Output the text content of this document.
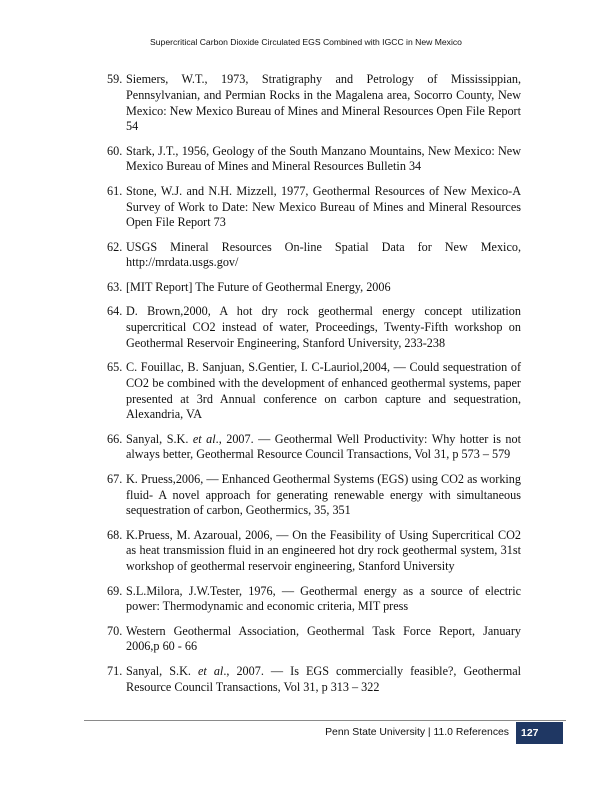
Supercritical Carbon Dioxide Circulated EGS Combined with IGCC in New Mexico
59. Siemers, W.T., 1973, Stratigraphy and Petrology of Mississippian, Pennsylvanian, and Permian Rocks in the Magalena area, Socorro County, New Mexico: New Mexico Bureau of Mines and Mineral Resources Open File Report 54
60. Stark, J.T., 1956, Geology of the South Manzano Mountains, New Mexico: New Mexico Bureau of Mines and Mineral Resources Bulletin 34
61. Stone, W.J. and N.H. Mizzell, 1977, Geothermal Resources of New Mexico-A Survey of Work to Date: New Mexico Bureau of Mines and Mineral Resources Open File Report 73
62. USGS Mineral Resources On-line Spatial Data for New Mexico, http://mrdata.usgs.gov/
63. [MIT Report] The Future of Geothermal Energy, 2006
64. D. Brown,2000, A hot dry rock geothermal energy concept utilization supercritical CO2 instead of water, Proceedings, Twenty-Fifth workshop on Geothermal Reservoir Engineering, Stanford University, 233-238
65. C. Fouillac, B. Sanjuan, S.Gentier, I. C-Lauriol,2004, — Could sequestration of CO2 be combined with the development of enhanced geothermal systems, paper presented at 3rd Annual conference on carbon capture and sequestration, Alexandria, VA
66. Sanyal, S.K. et al., 2007. — Geothermal Well Productivity: Why hotter is not always better, Geothermal Resource Council Transactions, Vol 31, p 573 – 579
67. K. Pruess,2006, — Enhanced Geothermal Systems (EGS) using CO2 as working fluid- A novel approach for generating renewable energy with simultaneous sequestration of carbon, Geothermics, 35, 351
68. K.Pruess, M. Azaroual, 2006, — On the Feasibility of Using Supercritical CO2 as heat transmission fluid in an engineered hot dry rock geothermal system, 31st workshop of geothermal reservoir engineering, Stanford University
69. S.L.Milora, J.W.Tester, 1976, — Geothermal energy as a source of electric power: Thermodynamic and economic criteria, MIT press
70. Western Geothermal Association, Geothermal Task Force Report, January 2006,p 60 - 66
71. Sanyal, S.K. et al., 2007. — Is EGS commercially feasible?, Geothermal Resource Council Transactions, Vol 31, p 313 – 322
Penn State University | 11.0 References	127
